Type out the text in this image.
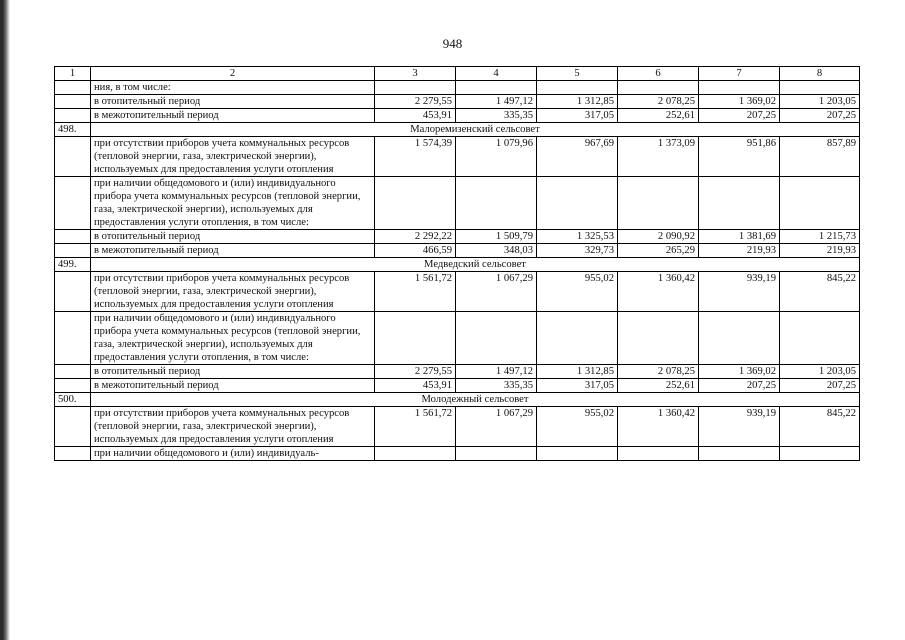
948
1	2	3	4	5	6	7	8
	ния, в том числе:						
	в отопительный период	2 279,55	1 497,12	1 312,85	2 078,25	1 369,02	1 203,05
	в межотопительный период	453,91	335,35	317,05	252,61	207,25	207,25
498.	Малоремизенский сельсовет						
	при отсутствии приборов учета коммунальных ресурсов (тепловой энергии, газа, электрической энергии), используемых для предоставления услуги отопления	1 574,39	1 079,96	967,69	1 373,09	951,86	857,89
	при наличии общедомового и (или) индивидуального прибора учета коммунальных ресурсов (тепловой энергии, газа, электрической энергии), используемых для предоставления услуги отопления, в том числе:						
	в отопительный период	2 292,22	1 509,79	1 325,53	2 090,92	1 381,69	1 215,73
	в межотопительный период	466,59	348,03	329,73	265,29	219,93	219,93
499.	Медведский сельсовет						
	при отсутствии приборов учета коммунальных ресурсов (тепловой энергии, газа, электрической энергии), используемых для предоставления услуги отопления	1 561,72	1 067,29	955,02	1 360,42	939,19	845,22
	при наличии общедомового и (или) индивидуального прибора учета коммунальных ресурсов (тепловой энергии, газа, электрической энергии), используемых для предоставления услуги отопления, в том числе:						
	в отопительный период	2 279,55	1 497,12	1 312,85	2 078,25	1 369,02	1 203,05
	в межотопительный период	453,91	335,35	317,05	252,61	207,25	207,25
500.	Молодежный сельсовет						
	при отсутствии приборов учета коммунальных ресурсов (тепловой энергии, газа, электрической энергии), используемых для предоставления услуги отопления	1 561,72	1 067,29	955,02	1 360,42	939,19	845,22
	при наличии общедомового и (или) индивидуаль-						
